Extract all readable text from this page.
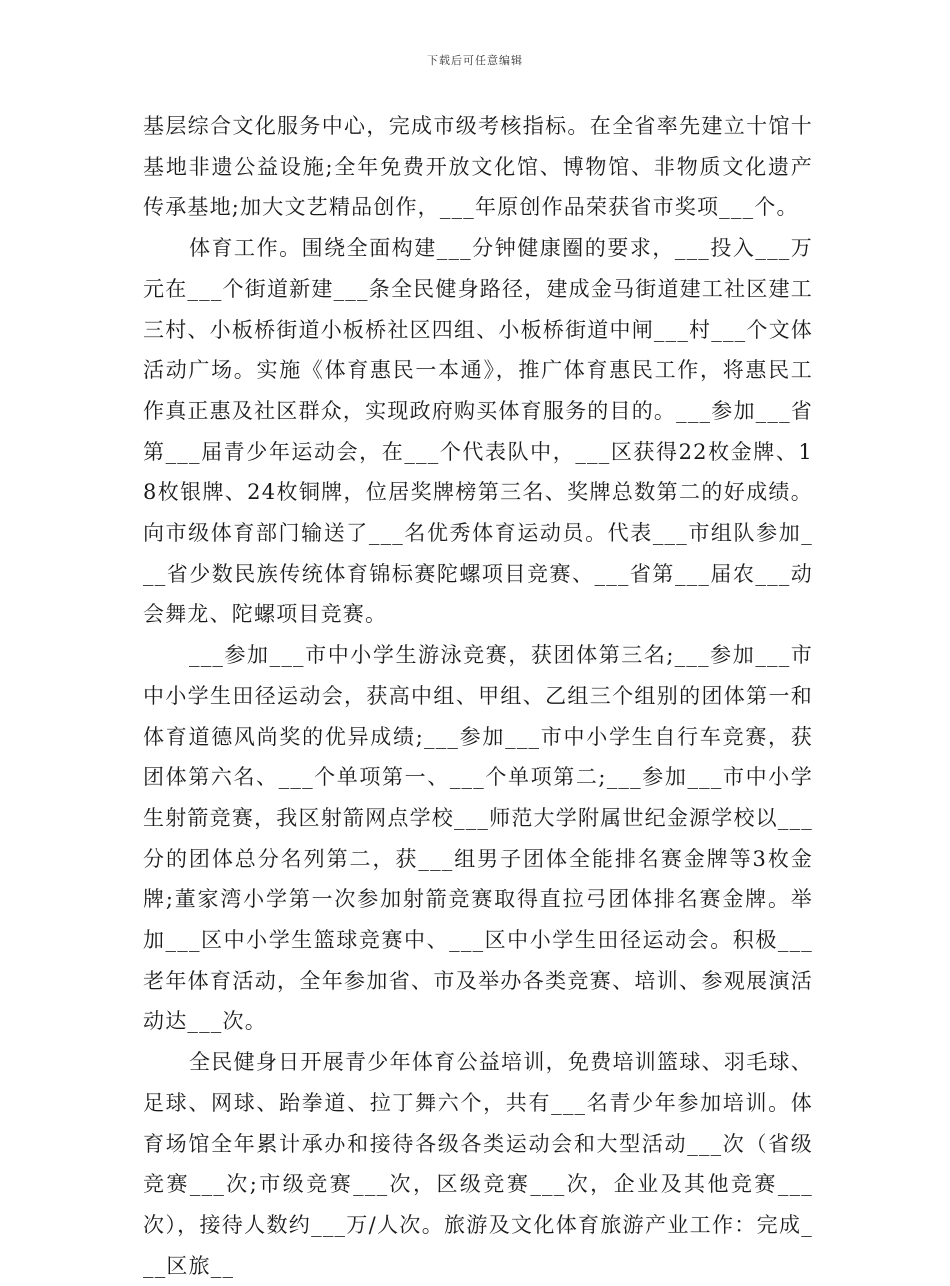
下载后可任意编辑

基层综合文化服务中心，完成市级考核指标。在全省率先建立十馆十基地非遗公益设施;全年免费开放文化馆、博物馆、非物质文化遗产传承基地;加大文艺精品创作，___年原创作品荣获省市奖项___个。

体育工作。围绕全面构建___分钟健康圈的要求，___投入___万元在___个街道新建___条全民健身路径，建成金马街道建工社区建工三村、小板桥街道小板桥社区四组、小板桥街道中闸___村___个文体活动广场。实施《体育惠民一本通》，推广体育惠民工作，将惠民工作真正惠及社区群众，实现政府购买体育服务的目的。___参加___省第___届青少年运动会，在___个代表队中，___区获得22枚金牌、18枚银牌、24枚铜牌，位居奖牌榜第三名、奖牌总数第二的好成绩。向市级体育部门输送了___名优秀体育运动员。代表___市组队参加___省少数民族传统体育锦标赛陀螺项目竞赛、___省第___届农___动会舞龙、陀螺项目竞赛。

___参加___市中小学生游泳竞赛，获团体第三名;___参加___市中小学生田径运动会，获高中组、甲组、乙组三个组别的团体第一和体育道德风尚奖的优异成绩;___参加___市中小学生自行车竞赛，获团体第六名、___个单项第一、___个单项第二;___参加___市中小学生射箭竞赛，我区射箭网点学校___师范大学附属世纪金源学校以___分的团体总分名列第二，获___组男子团体全能排名赛金牌等3枚金牌;董家湾小学第一次参加射箭竞赛取得直拉弓团体排名赛金牌。举加___区中小学生篮球竞赛中、___区中小学生田径运动会。积极___老年体育活动，全年参加省、市及举办各类竞赛、培训、参观展演活动达___次。

全民健身日开展青少年体育公益培训，免费培训篮球、羽毛球、足球、网球、跆拳道、拉丁舞六个，共有___名青少年参加培训。体育场馆全年累计承办和接待各级各类运动会和大型活动___次（省级竞赛___次;市级竞赛___次，区级竞赛___次，企业及其他竞赛___次），接待人数约___万/人次。旅游及文化体育旅游产业工作：完成___区旅__
